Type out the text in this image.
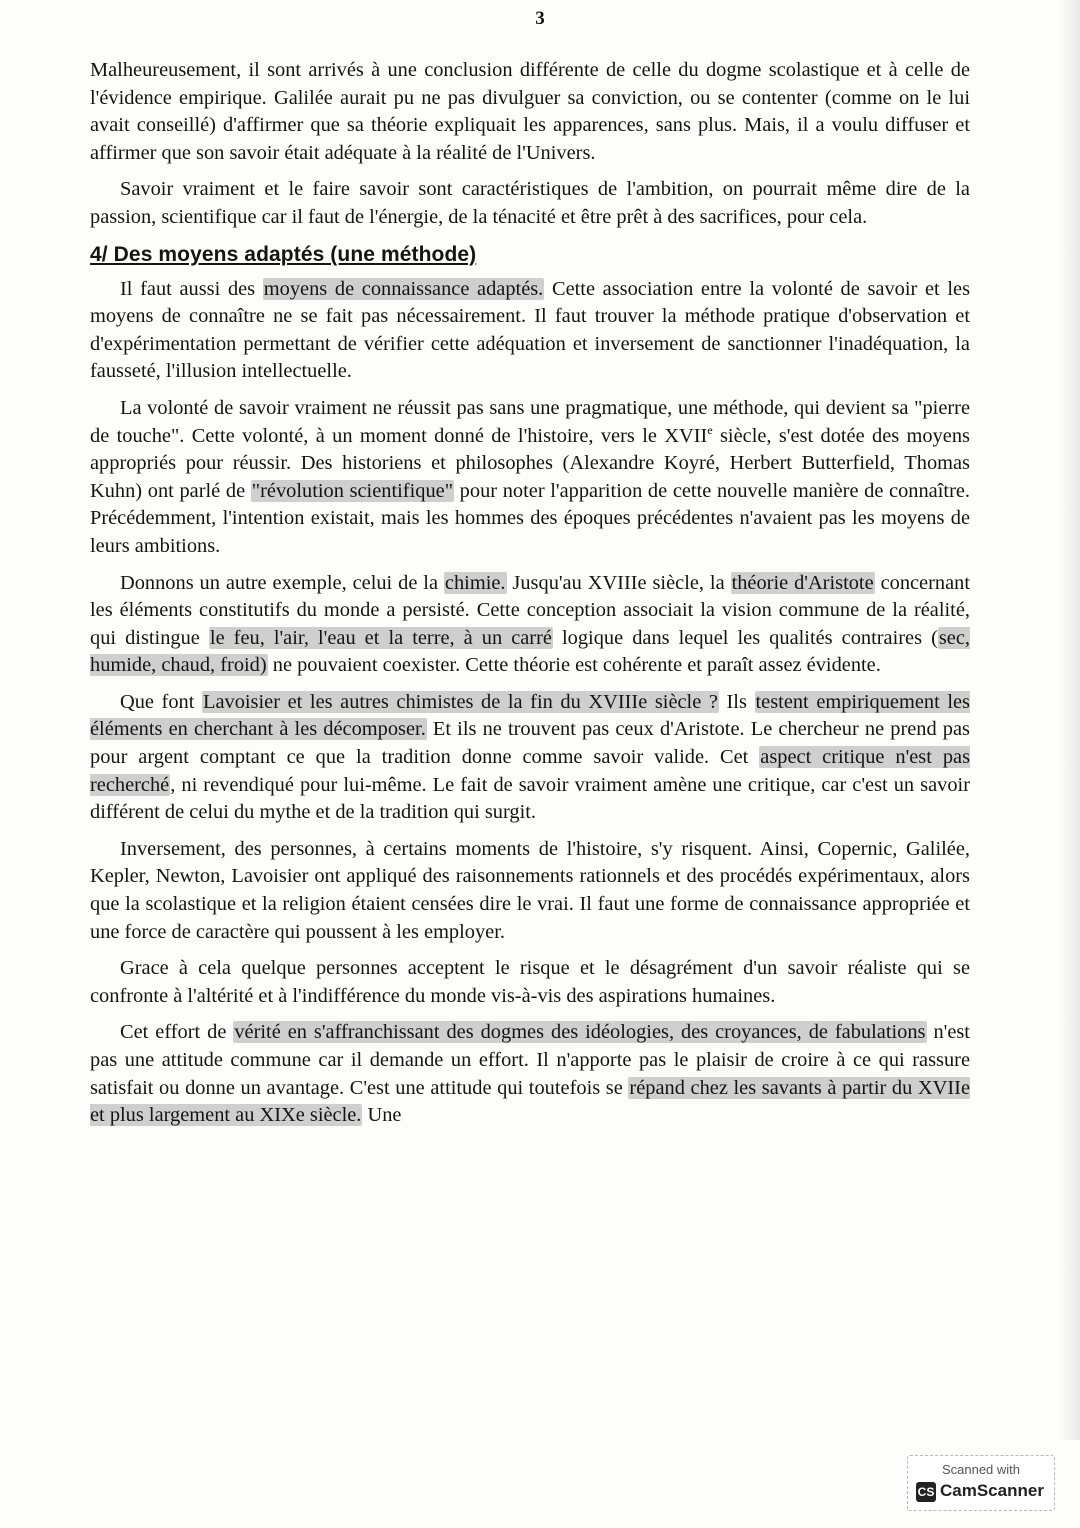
3

Malheureusement, il sont arrivés à une conclusion différente de celle du dogme scolastique et à celle de l'évidence empirique. Galilée aurait pu ne pas divulguer sa conviction, ou se contenter (comme on le lui avait conseillé) d'affirmer que sa théorie expliquait les apparences, sans plus. Mais, il a voulu diffuser et affirmer que son savoir était adéquate à la réalité de l'Univers.

Savoir vraiment et le faire savoir sont caractéristiques de l'ambition, on pourrait même dire de la passion, scientifique car il faut de l'énergie, de la ténacité et être prêt à des sacrifices, pour cela.

4/ Des moyens adaptés (une méthode)

Il faut aussi des moyens de connaissance adaptés. Cette association entre la volonté de savoir et les moyens de connaître ne se fait pas nécessairement. Il faut trouver la méthode pratique d'observation et d'expérimentation permettant de vérifier cette adéquation et inversement de sanctionner l'inadéquation, la fausseté, l'illusion intellectuelle.

La volonté de savoir vraiment ne réussit pas sans une pragmatique, une méthode, qui devient sa "pierre de touche". Cette volonté, à un moment donné de l'histoire, vers le XVIIe siècle, s'est dotée des moyens appropriés pour réussir. Des historiens et philosophes (Alexandre Koyré, Herbert Butterfield, Thomas Kuhn) ont parlé de "révolution scientifique" pour noter l'apparition de cette nouvelle manière de connaître. Précédemment, l'intention existait, mais les hommes des époques précédentes n'avaient pas les moyens de leurs ambitions.

Donnons un autre exemple, celui de la chimie. Jusqu'au XVIIIe siècle, la théorie d'Aristote concernant les éléments constitutifs du monde a persisté. Cette conception associait la vision commune de la réalité, qui distingue le feu, l'air, l'eau et la terre, à un carré logique dans lequel les qualités contraires (sec, humide, chaud, froid) ne pouvaient coexister. Cette théorie est cohérente et paraît assez évidente.

Que font Lavoisier et les autres chimistes de la fin du XVIIIe siècle ? Ils testent empiriquement les éléments en cherchant à les décomposer. Et ils ne trouvent pas ceux d'Aristote. Le chercheur ne prend pas pour argent comptant ce que la tradition donne comme savoir valide. Cet aspect critique n'est pas recherché, ni revendiqué pour lui-même. Le fait de savoir vraiment amène une critique, car c'est un savoir différent de celui du mythe et de la tradition qui surgit.

Inversement, des personnes, à certains moments de l'histoire, s'y risquent. Ainsi, Copernic, Galilée, Kepler, Newton, Lavoisier ont appliqué des raisonnements rationnels et des procédés expérimentaux, alors que la scolastique et la religion étaient censées dire le vrai. Il faut une forme de connaissance appropriée et une force de caractère qui poussent à les employer.

Grace à cela quelque personnes acceptent le risque et le désagrément d'un savoir réaliste qui se confronte à l'altérité et à l'indifférence du monde vis-à-vis des aspirations humaines.

Cet effort de vérité en s'affranchissant des dogmes des idéologies, des croyances, de fabulations n'est pas une attitude commune car il demande un effort. Il n'apporte pas le plaisir de croire à ce qui rassure satisfait ou donne un avantage. C'est une attitude qui toutefois se répand chez les savants à partir du XVIIe et plus largement au XIXe siècle. Une

Scanned with
CS CamScanner
